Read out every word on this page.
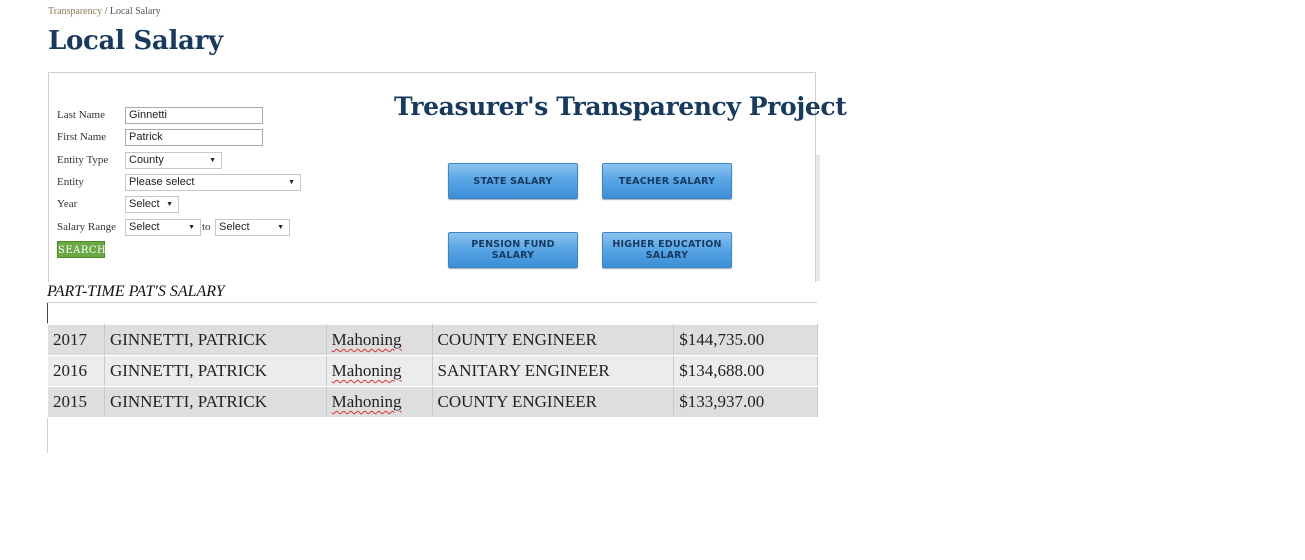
Transparency / Local Salary
Local Salary
Last Name	Ginnetti
First Name	Patrick
Entity Type	County	▼
Entity	Please select	▼
Year	Select ▼
Salary Range	Select	▼ to Select	▼
SEARCH
Treasurer's Transparency Project
STATE SALARY	TEACHER SALARY
PENSION FUND
SALARY
HIGHER EDUCATION
SALARY
PART-TIME PAT'S SALARY
2017	GINNETTI, PATRICK	Mahoning	COUNTY ENGINEER	$144,735.00
2016	GINNETTI, PATRICK	Mahoning	SANITARY ENGINEER	$134,688.00
2015	GINNETTI, PATRICK	Mahoning	COUNTY ENGINEER	$133,937.00
